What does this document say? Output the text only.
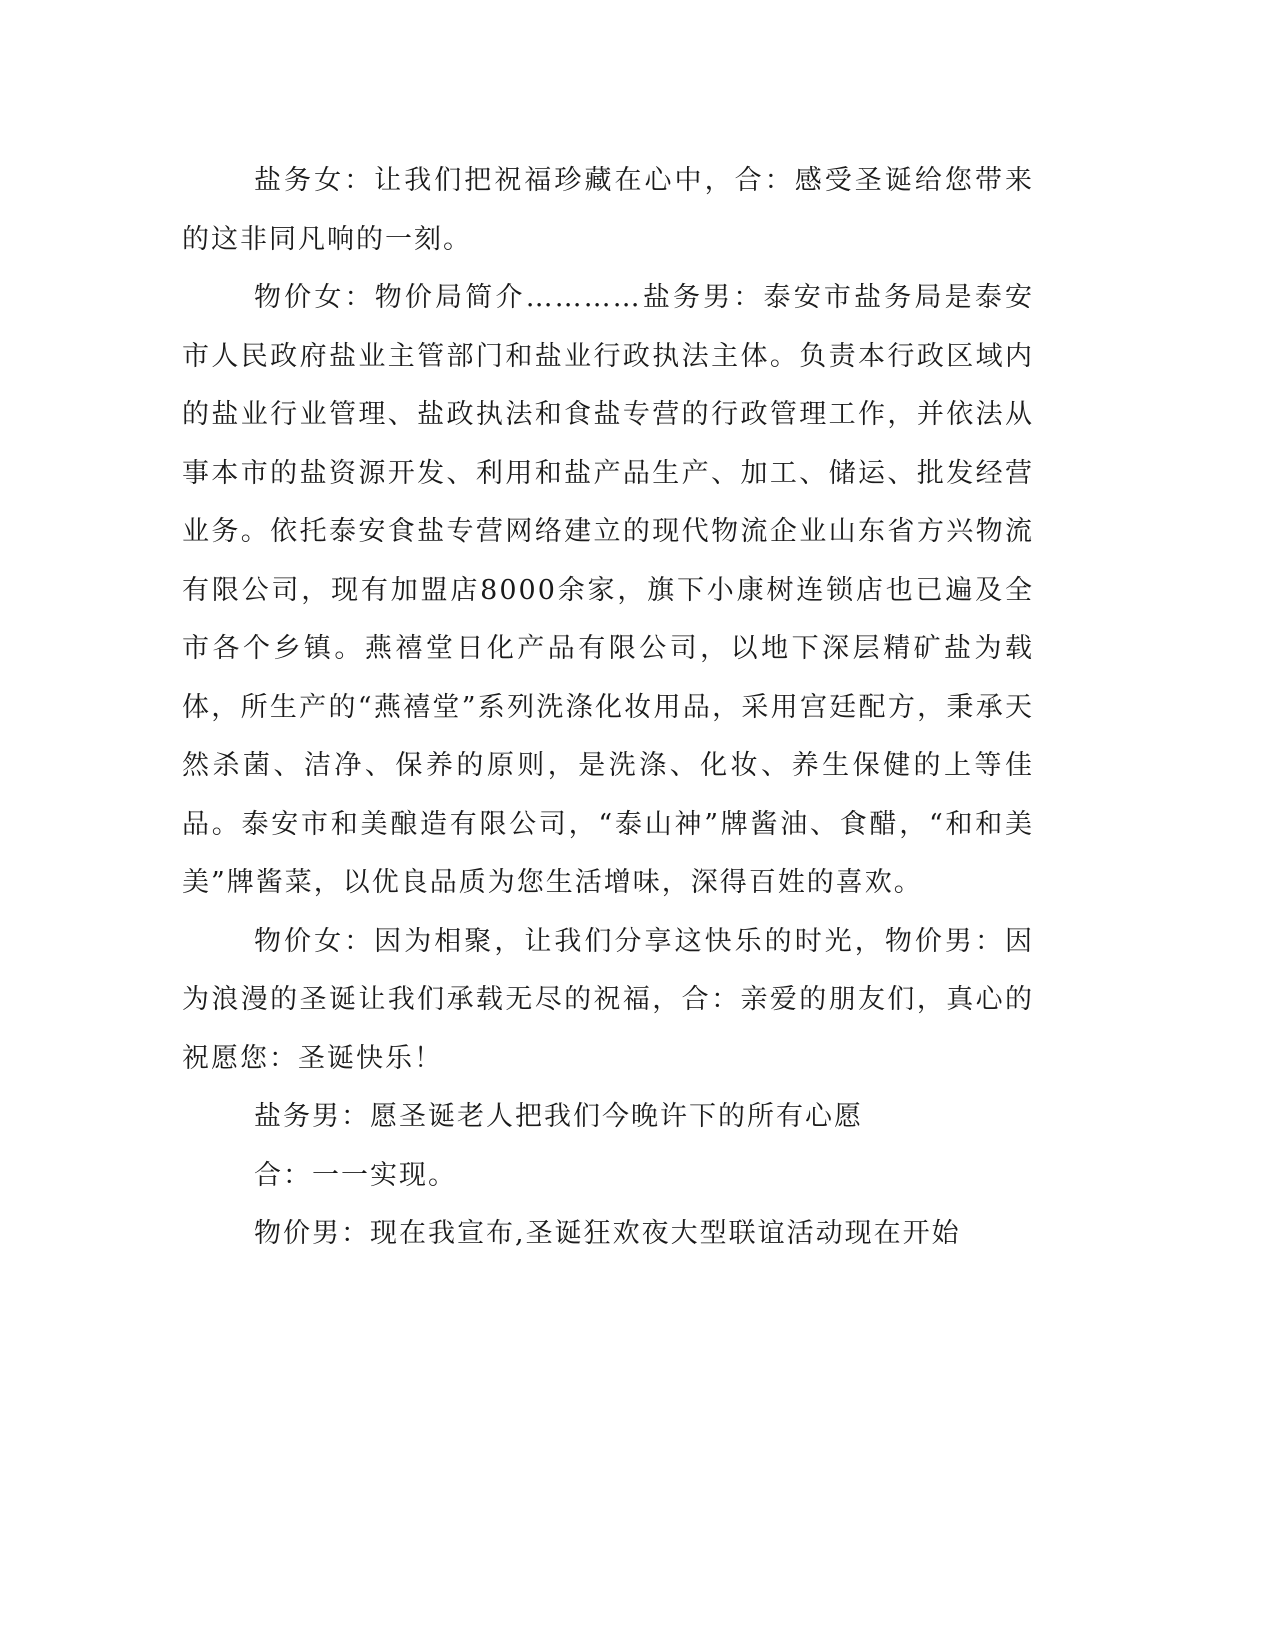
盐务女：让我们把祝福珍藏在心中，合：感受圣诞给您带来的这非同凡响的一刻。

物价女：物价局简介…………盐务男：泰安市盐务局是泰安市人民政府盐业主管部门和盐业行政执法主体。负责本行政区域内的盐业行业管理、盐政执法和食盐专营的行政管理工作，并依法从事本市的盐资源开发、利用和盐产品生产、加工、储运、批发经营业务。依托泰安食盐专营网络建立的现代物流企业山东省方兴物流有限公司，现有加盟店8000余家，旗下小康树连锁店也已遍及全市各个乡镇。燕禧堂日化产品有限公司，以地下深层精矿盐为载体，所生产的“燕禧堂”系列洗涤化妆用品，采用宫廷配方，秉承天然杀菌、洁净、保养的原则，是洗涤、化妆、养生保健的上等佳品。泰安市和美酿造有限公司，“泰山神”牌酱油、食醋，“和和美美”牌酱菜，以优良品质为您生活增味，深得百姓的喜欢。

物价女：因为相聚，让我们分享这快乐的时光，物价男：因为浪漫的圣诞让我们承载无尽的祝福，合：亲爱的朋友们，真心的祝愿您：圣诞快乐！

盐务男：愿圣诞老人把我们今晚许下的所有心愿

合：一一实现。

物价男：现在我宣布,圣诞狂欢夜大型联谊活动现在开始
